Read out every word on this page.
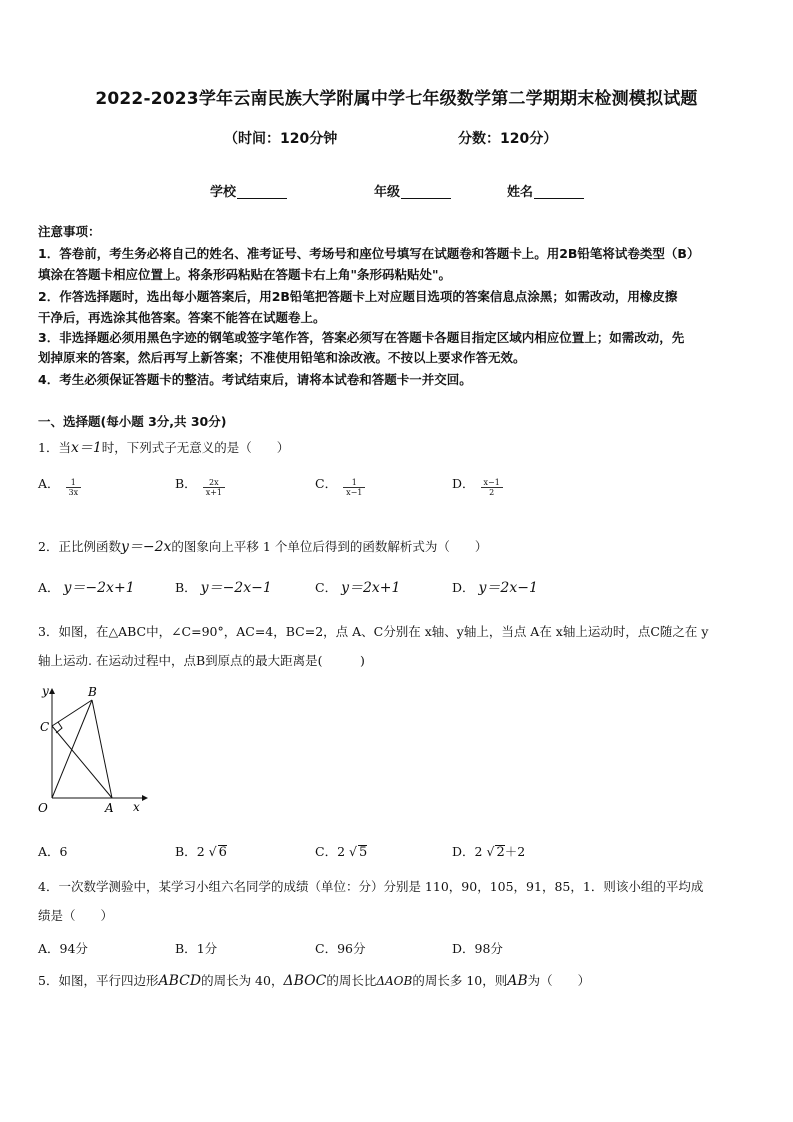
2022-2023学年云南民族大学附属中学七年级数学第二学期期末检测模拟试题
（时间：120分钟	分数：120分）
学校	年级	姓名
注意事项：
1．答卷前，考生务必将自己的姓名、准考证号、考场号和座位号填写在试题卷和答题卡上。用2B铅笔将试卷类型（B）
填涂在答题卡相应位置上。将条形码粘贴在答题卡右上角"条形码粘贴处"。
2．作答选择题时，选出每小题答案后，用2B铅笔把答题卡上对应题目选项的答案信息点涂黑；如需改动，用橡皮擦
干净后，再选涂其他答案。答案不能答在试题卷上。
3．非选择题必须用黑色字迹的钢笔或签字笔作答，答案必须写在答题卡各题目指定区域内相应位置上；如需改动，先
划掉原来的答案，然后再写上新答案；不准使用铅笔和涂改液。不按以上要求作答无效。
4．考生必须保证答题卡的整洁。考试结束后，请将本试卷和答题卡一并交回。
一、选择题(每小题 3分,共 30分)
1．当x＝1时，下列式子无意义的是（　　）
A． $\frac{1}{3x}$	B． $\frac{2x}{x+1}$	C． $\frac{1}{x-1}$	D． $\frac{x-1}{2}$
2．正比例函数y＝−2x的图象向上平移 1 个单位后得到的函数解析式为（　　）
A． y＝−2x+1	B． y＝−2x−1	C． y＝2x+1	D． y＝2x−1
3．如图，在△ABC中，∠C=90°，AC=4，BC=2，点 A、C分别在 x轴、y轴上，当点 A在 x轴上运动时，点C随之在 y
轴上运动. 在运动过程中，点B到原点的最大距离是(　　　)
y	B
C
O	A x
A．6	B．2 √ 6	C．2 √ 5	D．2 √ 2＋2
4．一次数学测验中，某学习小组六名同学的成绩（单位：分）分别是 110，90，105，91，85，1．则该小组的平均成
绩是（　　）
A．94分	B．1分	C．96分	D．98分
5．如图，平行四边形ABCD的周长为 40，ΔBOC的周长比ΔAOB的周长多 10，则AB为（　　）
